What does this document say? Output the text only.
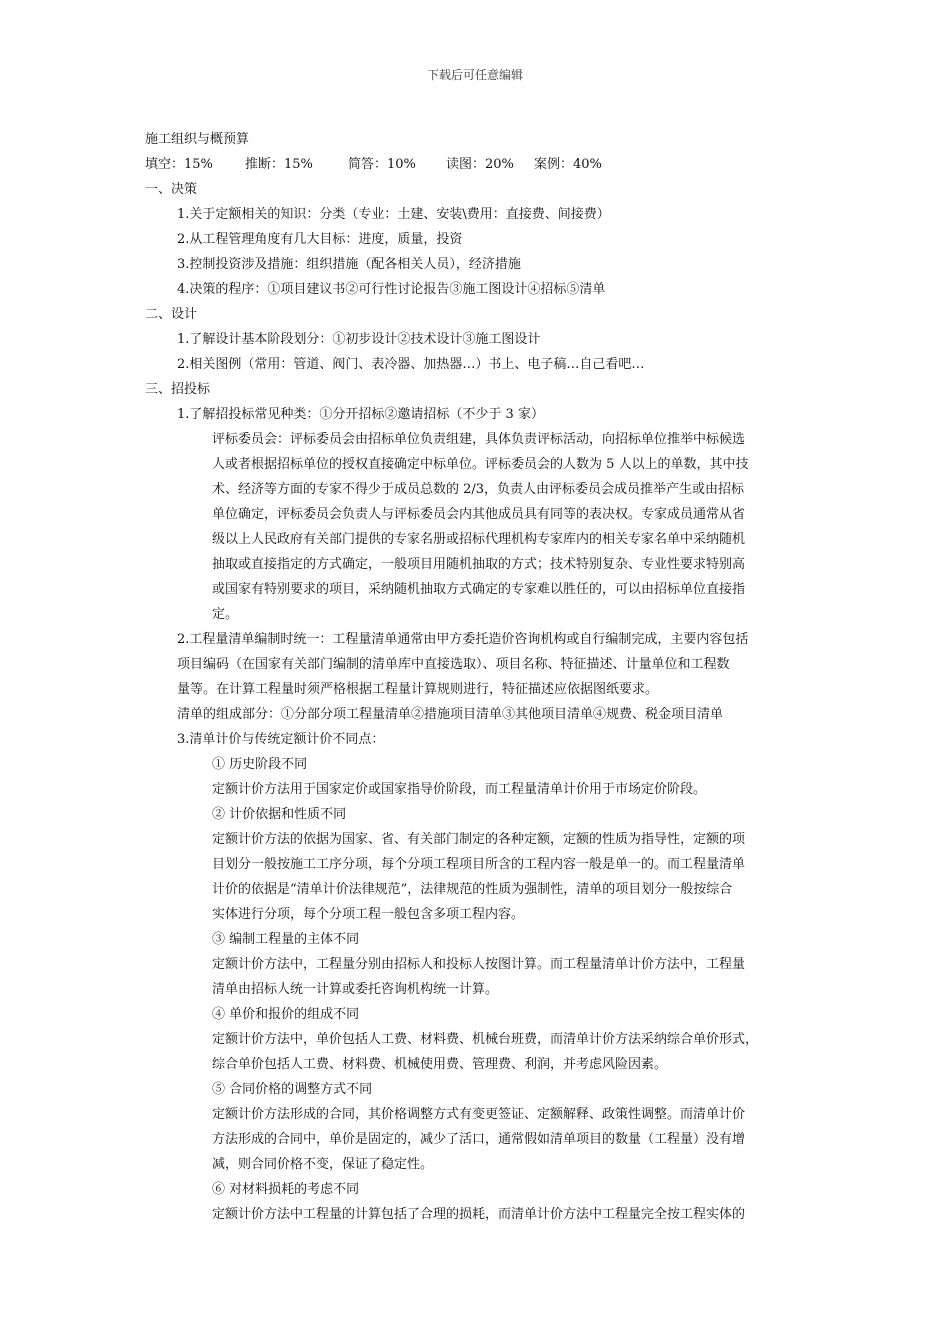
下载后可任意编辑
施工组织与概预算
填空：15% 推断：15%	简答：10% 读图：20% 案例：40%
一、决策
1.关于定额相关的知识：分类（专业：土建、安装\费用：直接费、间接费）
2.从工程管理角度有几大目标：进度，质量，投资
3.控制投资涉及措施：组织措施（配各相关人员），经济措施
4.决策的程序：①项目建议书②可行性讨论报告③施工图设计④招标⑤清单
二、设计
1.了解设计基本阶段划分：①初步设计②技术设计③施工图设计
2.相关图例（常用：管道、阀门、表冷器、加热器…）书上、电子稿…自己看吧…
三、招投标
1.了解招投标常见种类：①分开招标②邀请招标（不少于 3 家）
评标委员会：评标委员会由招标单位负责组建，具体负责评标活动，向招标单位推举中标候选
人或者根据招标单位的授权直接确定中标单位。评标委员会的人数为 5 人以上的单数，其中技
术、经济等方面的专家不得少于成员总数的 2/3，负责人由评标委员会成员推举产生或由招标
单位确定，评标委员会负责人与评标委员会内其他成员具有同等的表决权。专家成员通常从省
级以上人民政府有关部门提供的专家名册或招标代理机构专家库内的相关专家名单中采纳随机
抽取或直接指定的方式确定，一般项目用随机抽取的方式；技术特别复杂、专业性要求特别高
或国家有特别要求的项目，采纳随机抽取方式确定的专家难以胜任的，可以由招标单位直接指
定。
2.工程量清单编制时统一：工程量清单通常由甲方委托造价咨询机构或自行编制完成，主要内容包括
项目编码（在国家有关部门编制的清单库中直接选取）、项目名称、特征描述、计量单位和工程数
量等。在计算工程量时须严格根据工程量计算规则进行，特征描述应依据图纸要求。
清单的组成部分：①分部分项工程量清单②措施项目清单③其他项目清单④规费、税金项目清单
3.清单计价与传统定额计价不同点：
① 历史阶段不同
定额计价方法用于国家定价或国家指导价阶段，而工程量清单计价用于市场定价阶段。
② 计价依据和性质不同
定额计价方法的依据为国家、省、有关部门制定的各种定额，定额的性质为指导性，定额的项
目划分一般按施工工序分项，每个分项工程项目所含的工程内容一般是单一的。而工程量清单
计价的依据是“清单计价法律规范”，法律规范的性质为强制性，清单的项目划分一般按综合
实体进行分项，每个分项工程一般包含多项工程内容。
③ 编制工程量的主体不同
定额计价方法中，工程量分别由招标人和投标人按图计算。而工程量清单计价方法中，工程量
清单由招标人统一计算或委托咨询机构统一计算。
④ 单价和报价的组成不同
定额计价方法中，单价包括人工费、材料费、机械台班费，而清单计价方法采纳综合单价形式，
综合单价包括人工费、材料费、机械使用费、管理费、利润，并考虑风险因素。
⑤ 合同价格的调整方式不同
定额计价方法形成的合同，其价格调整方式有变更签证、定额解释、政策性调整。而清单计价
方法形成的合同中，单价是固定的，减少了活口，通常假如清单项目的数量（工程量）没有增
减，则合同价格不变，保证了稳定性。
⑥ 对材料损耗的考虑不同
定额计价方法中工程量的计算包括了合理的损耗，而清单计价方法中工程量完全按工程实体的
